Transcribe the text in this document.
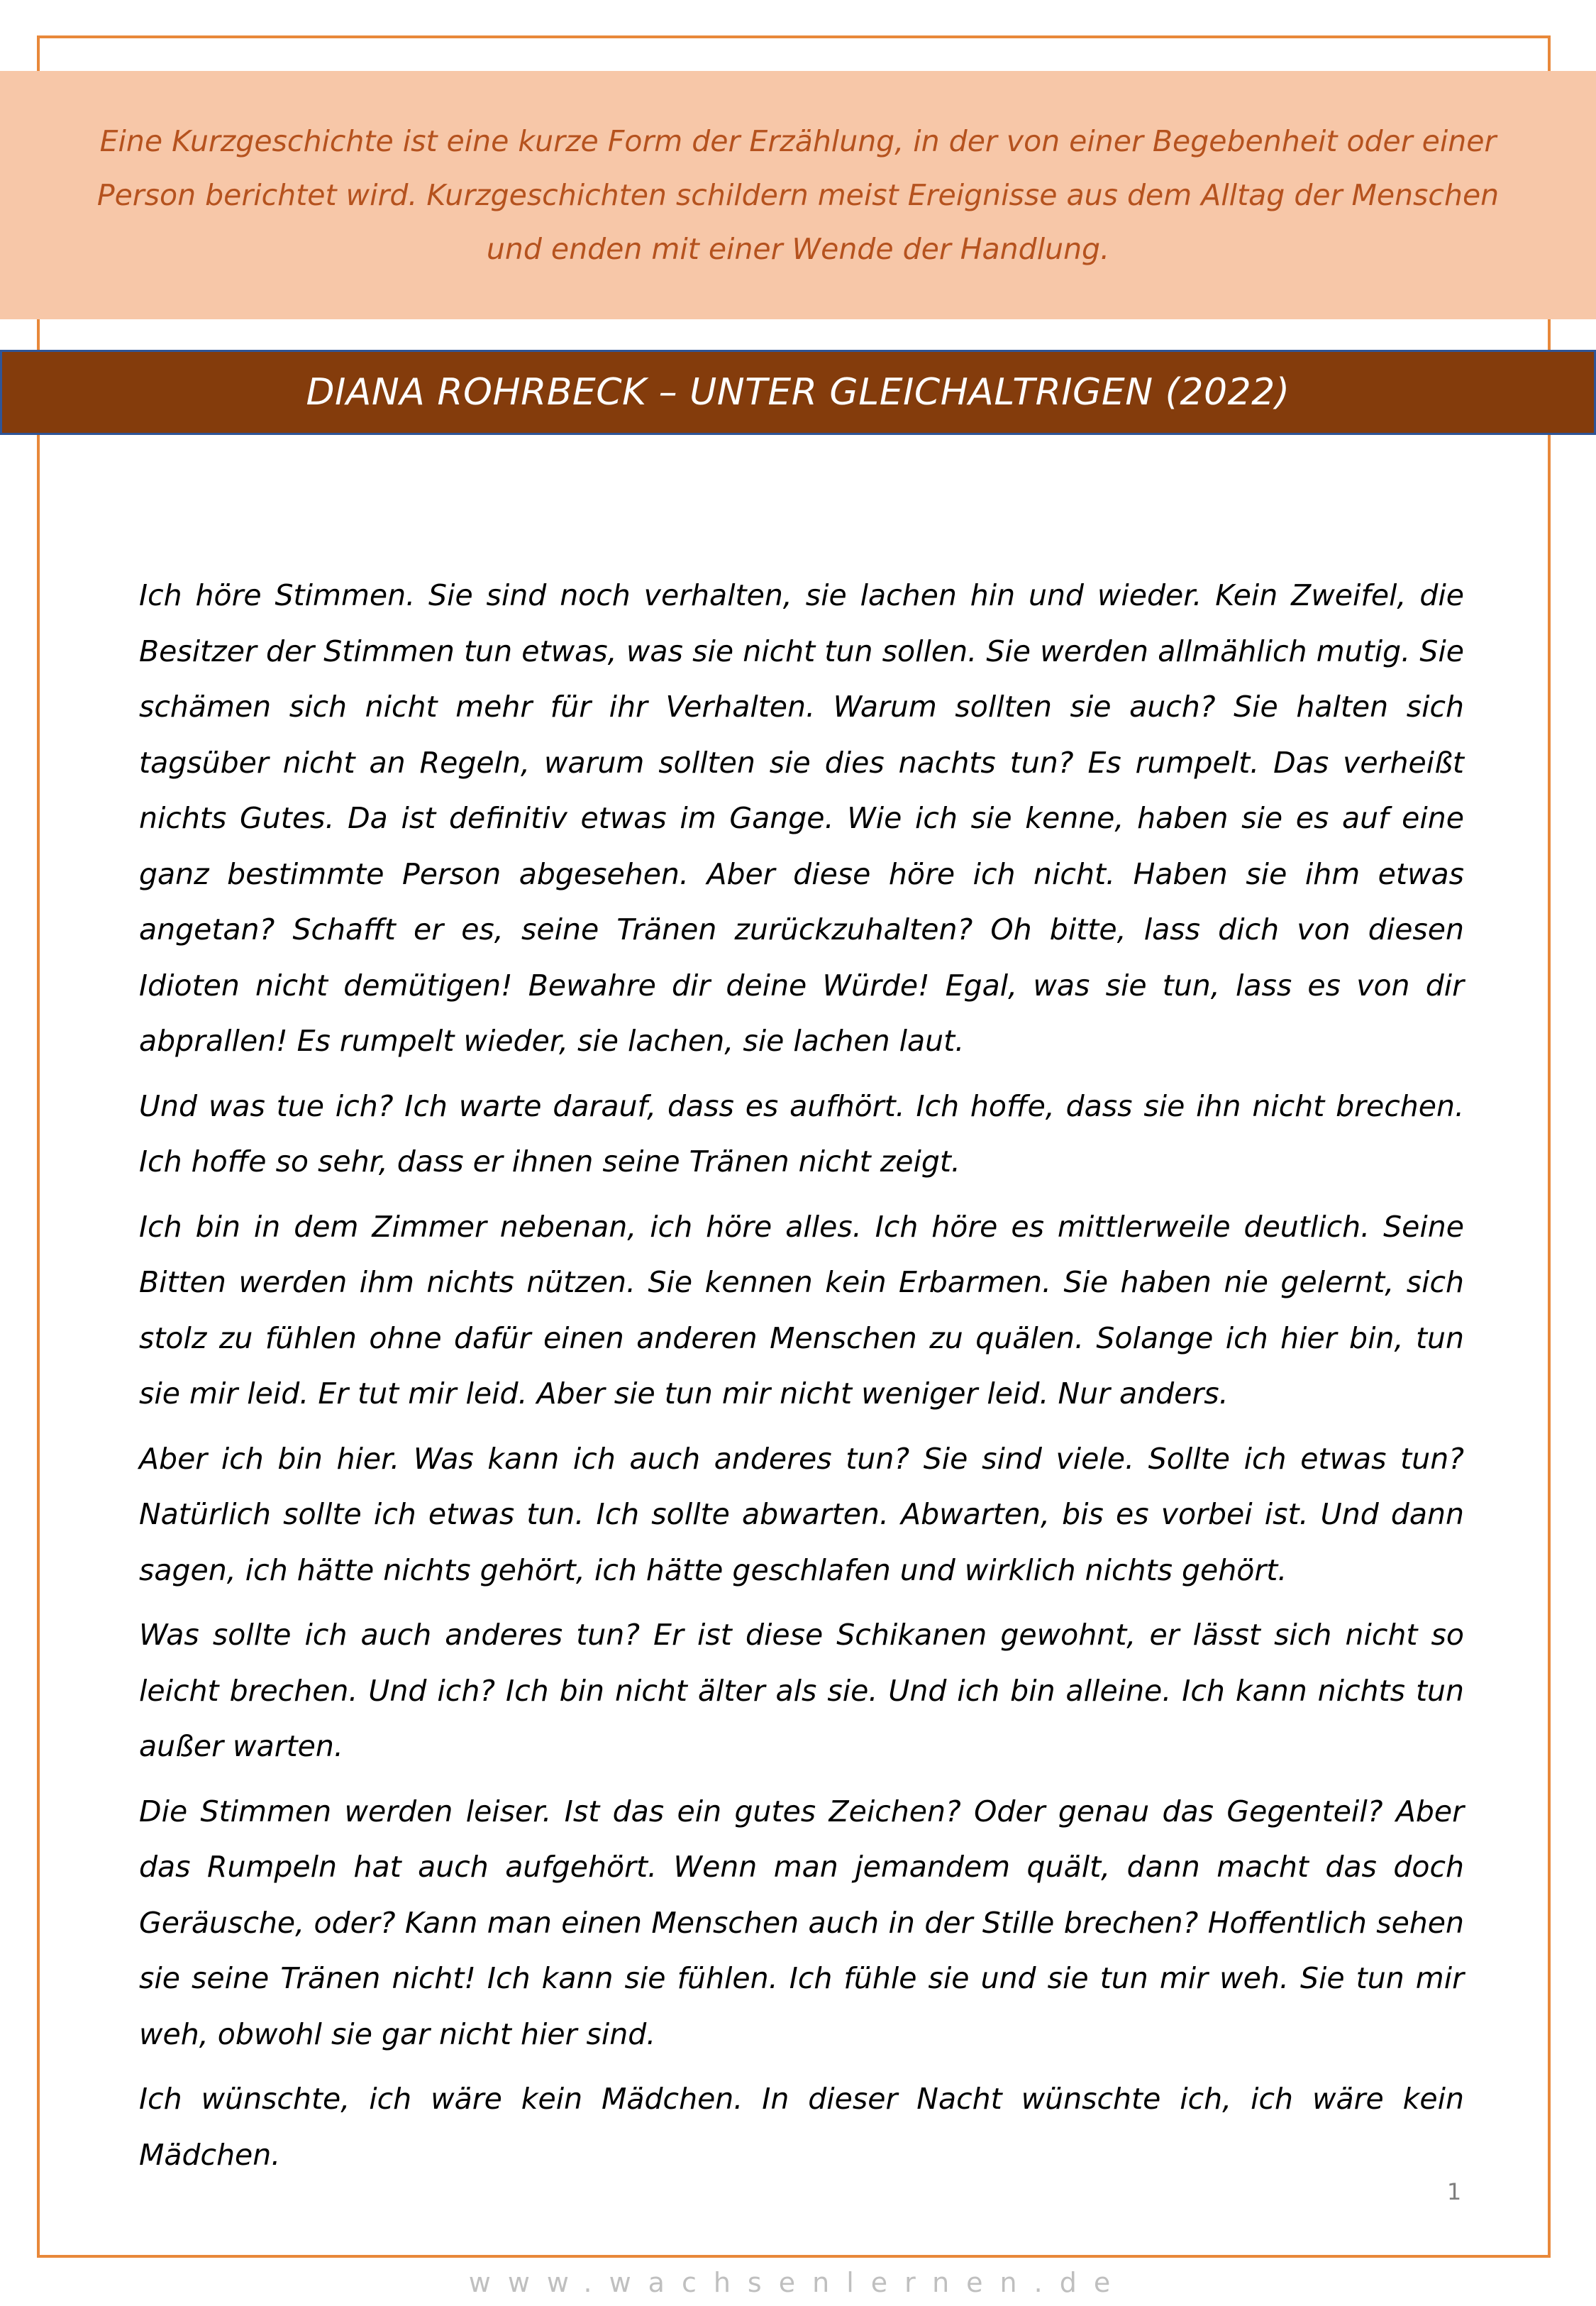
Eine Kurzgeschichte ist eine kurze Form der Erzählung, in der von einer Begebenheit oder einer Person berichtet wird. Kurzgeschichten schildern meist Ereignisse aus dem Alltag der Menschen und enden mit einer Wende der Handlung.

DIANA ROHRBECK – UNTER GLEICHALTRIGEN (2022)

Ich höre Stimmen. Sie sind noch verhalten, sie lachen hin und wieder. Kein Zweifel, die Besitzer der Stimmen tun etwas, was sie nicht tun sollen. Sie werden allmählich mutig. Sie schämen sich nicht mehr für ihr Verhalten. Warum sollten sie auch? Sie halten sich tagsüber nicht an Regeln, warum sollten sie dies nachts tun? Es rumpelt. Das verheißt nichts Gutes. Da ist definitiv etwas im Gange. Wie ich sie kenne, haben sie es auf eine ganz bestimmte Person abgesehen. Aber diese höre ich nicht. Haben sie ihm etwas angetan? Schafft er es, seine Tränen zurückzuhalten? Oh bitte, lass dich von diesen Idioten nicht demütigen! Bewahre dir deine Würde! Egal, was sie tun, lass es von dir abprallen! Es rumpelt wieder, sie lachen, sie lachen laut.

Und was tue ich? Ich warte darauf, dass es aufhört. Ich hoffe, dass sie ihn nicht brechen. Ich hoffe so sehr, dass er ihnen seine Tränen nicht zeigt.

Ich bin in dem Zimmer nebenan, ich höre alles. Ich höre es mittlerweile deutlich. Seine Bitten werden ihm nichts nützen. Sie kennen kein Erbarmen. Sie haben nie gelernt, sich stolz zu fühlen ohne dafür einen anderen Menschen zu quälen. Solange ich hier bin, tun sie mir leid. Er tut mir leid. Aber sie tun mir nicht weniger leid. Nur anders.

Aber ich bin hier. Was kann ich auch anderes tun? Sie sind viele. Sollte ich etwas tun? Natürlich sollte ich etwas tun. Ich sollte abwarten. Abwarten, bis es vorbei ist. Und dann sagen, ich hätte nichts gehört, ich hätte geschlafen und wirklich nichts gehört.

Was sollte ich auch anderes tun? Er ist diese Schikanen gewohnt, er lässt sich nicht so leicht brechen. Und ich? Ich bin nicht älter als sie. Und ich bin alleine. Ich kann nichts tun außer warten.

Die Stimmen werden leiser. Ist das ein gutes Zeichen? Oder genau das Gegenteil? Aber das Rumpeln hat auch aufgehört. Wenn man jemandem quält, dann macht das doch Geräusche, oder? Kann man einen Menschen auch in der Stille brechen? Hoffentlich sehen sie seine Tränen nicht! Ich kann sie fühlen. Ich fühle sie und sie tun mir weh. Sie tun mir weh, obwohl sie gar nicht hier sind.

Ich wünschte, ich wäre kein Mädchen. In dieser Nacht wünschte ich, ich wäre kein Mädchen.

1
www.wachsenlernen.de
